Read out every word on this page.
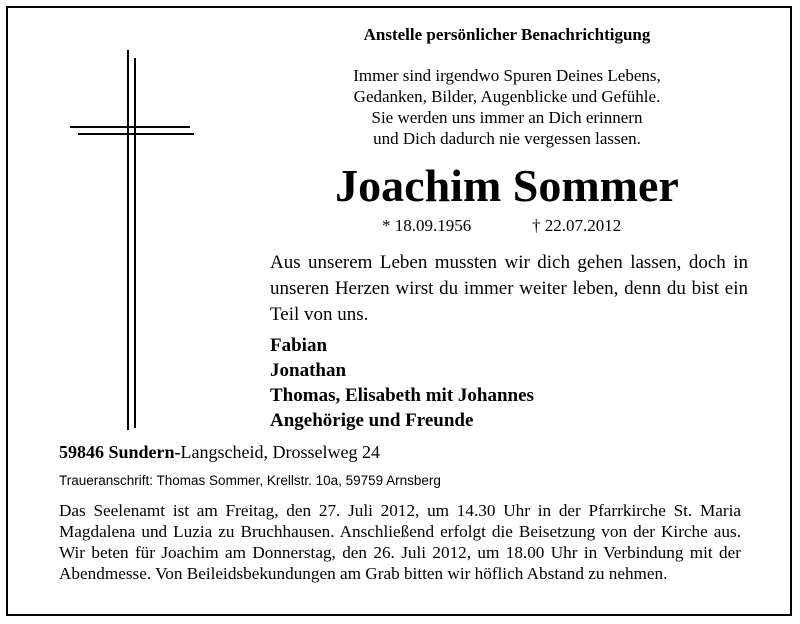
Anstelle persönlicher Benachrichtigung
Immer sind irgendwo Spuren Deines Lebens,
Gedanken, Bilder, Augenblicke und Gefühle.
Sie werden uns immer an Dich erinnern
und Dich dadurch nie vergessen lassen.
Joachim Sommer
* 18.09.1956	† 22.07.2012
Aus unserem Leben mussten wir dich gehen lassen, doch in unseren Herzen wirst du immer weiter leben, denn du bist ein Teil von uns.
Fabian
Jonathan
Thomas, Elisabeth mit Johannes
Angehörige und Freunde
59846 Sundern-Langscheid, Drosselweg 24
Traueranschrift: Thomas Sommer, Krellstr. 10a, 59759 Arnsberg
Das Seelenamt ist am Freitag, den 27. Juli 2012, um 14.30 Uhr in der Pfarrkirche St. Maria Magdalena und Luzia zu Bruchhausen. Anschließend erfolgt die Beisetzung von der Kirche aus. Wir beten für Joachim am Donnerstag, den 26. Juli 2012, um 18.00 Uhr in Verbindung mit der Abendmesse. Von Beileidsbekundungen am Grab bitten wir höflich Abstand zu nehmen.
